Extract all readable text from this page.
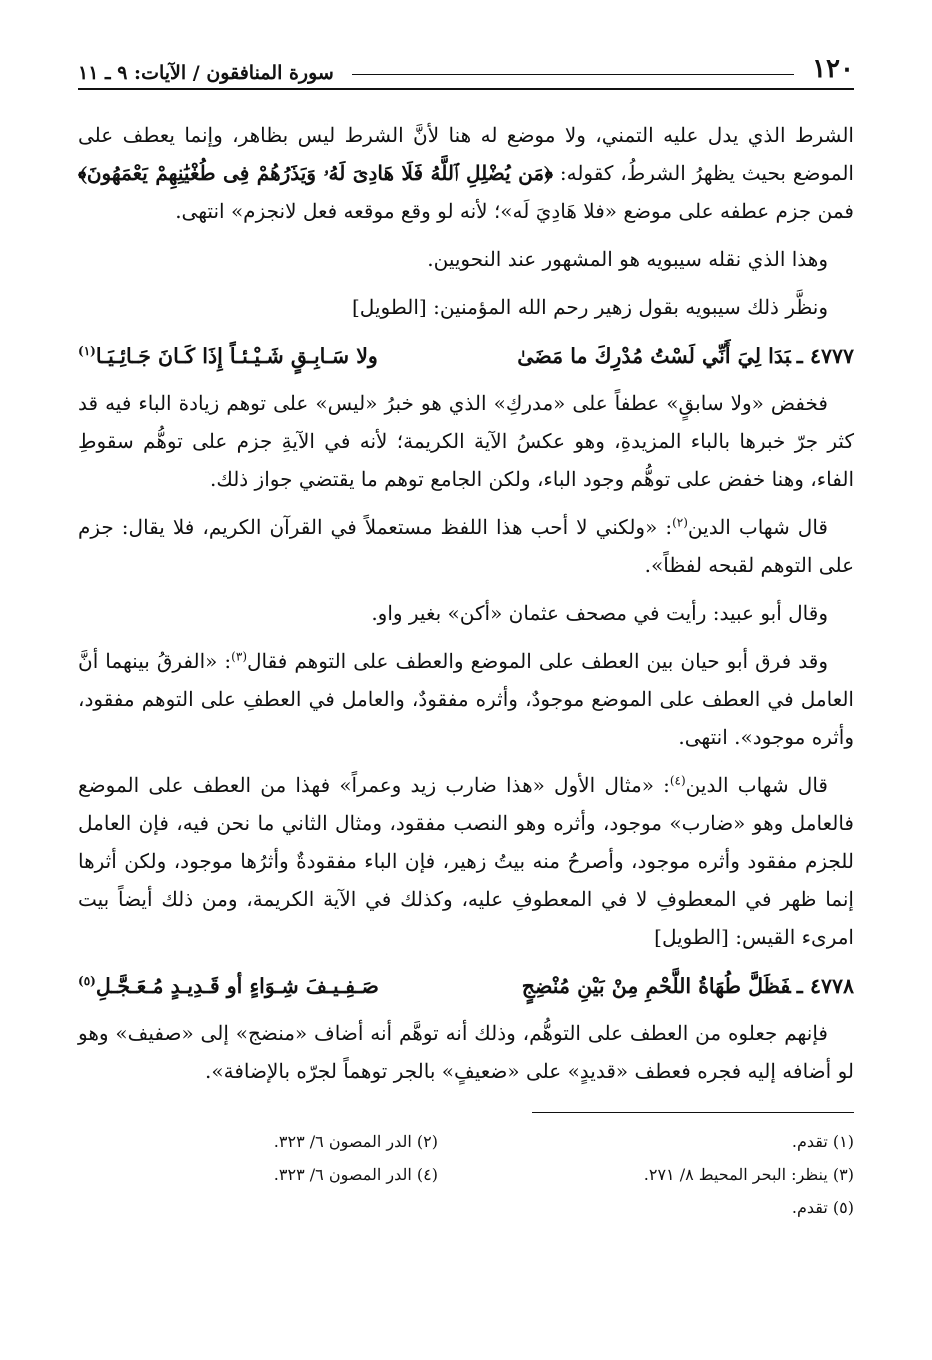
١٢٠
سورة المنافقون / الآيات: ٩ ـ ١١

الشرط الذي يدل عليه التمني، ولا موضع له هنا لأنَّ الشرط ليس بظاهر، وإنما يعطف على الموضع بحيث يظهرُ الشرطُ، كقوله: ﴿مَن يُضْلِلِ ٱللَّهُ فَلَا هَادِىَ لَهُۥ وَيَذَرُهُمْ فِى طُغْيَٰنِهِمْ يَعْمَهُونَ﴾ فمن جزم عطفه على موضع «فلا هَادِيَ لَه»؛ لأنه لو وقع موقعه فعل لانجزم» انتهى.

وهذا الذي نقله سيبويه هو المشهور عند النحويين.

ونظَّر ذلك سيبويه بقول زهير رحم الله المؤمنين: [الطويل]

٤٧٧٧ ـبَدَا لِيَ أَنِّي لَسْتُ مُدْرِكَ ما مَضَىٰ
ولا سَـابِـقٍ شَـيْـئـاً إِذَا كَـانَ جَـائِـيَـا$^{(١)}$

فخفض «ولا سابقٍ» عطفاً على «مدركِ» الذي هو خبرُ «ليس» على توهم زيادة الباء فيه قد كثر جرّ خبرها بالباء المزيدةِ، وهو عكسُ الآية الكريمة؛ لأنه في الآيةِ جزم على توهُّم سقوطِ الفاء، وهنا خفض على توهُّم وجود الباء، ولكن الجامع توهم ما يقتضي جواز ذلك.

قال شهاب الدين$^{(٢)}$: «ولكني لا أحب هذا اللفظ مستعملاً في القرآن الكريم، فلا يقال: جزم على التوهم لقبحه لفظاً».

وقال أبو عبيد: رأيت في مصحف عثمان «أكن» بغير واو.

وقد فرق أبو حيان بين العطف على الموضع والعطف على التوهم فقال$^{(٣)}$: «الفرقُ بينهما أنَّ العامل في العطف على الموضع موجودٌ، وأثره مفقودٌ، والعامل في العطفِ على التوهم مفقود، وأثره موجود». انتهى.

قال شهاب الدين$^{(٤)}$: «مثال الأول «هذا ضارب زيد وعمراً» فهذا من العطف على الموضع فالعامل وهو «ضارب» موجود، وأثره وهو النصب مفقود، ومثال الثاني ما نحن فيه، فإن العامل للجزم مفقود وأثره موجود، وأصرحُ منه بيتُ زهير، فإن الباء مفقودةٌ وأثرُها موجود، ولكن أثرها إنما ظهر في المعطوفِ لا في المعطوفِ عليه، وكذلك في الآية الكريمة، ومن ذلك أيضاً بيت امرىء القيس: [الطويل]

٤٧٧٨ ـفَظَلَّ طُهَاةُ اللَّحْمِ مِنْ بَيْنِ مُنْضِجٍ
صَـفِـيـفَ شِـوَاءٍ أو قَـدِيـدٍ مُـعَـجَّـلِ$^{(٥)}$

فإنهم جعلوه من العطف على التوهُّم، وذلك أنه توهَّم أنه أضاف «منضج» إلى «صفيف» وهو لو أضافه إليه فجره فعطف «قديدٍ» على «ضعيفٍ» بالجر توهماً لجرّه بالإضافة».

(١) تقدم.
(٢) الدر المصون ٦/ ٣٢٣.
(٣) ينظر: البحر المحيط ٨/ ٢٧١.
(٤) الدر المصون ٦/ ٣٢٣.
(٥) تقدم.
